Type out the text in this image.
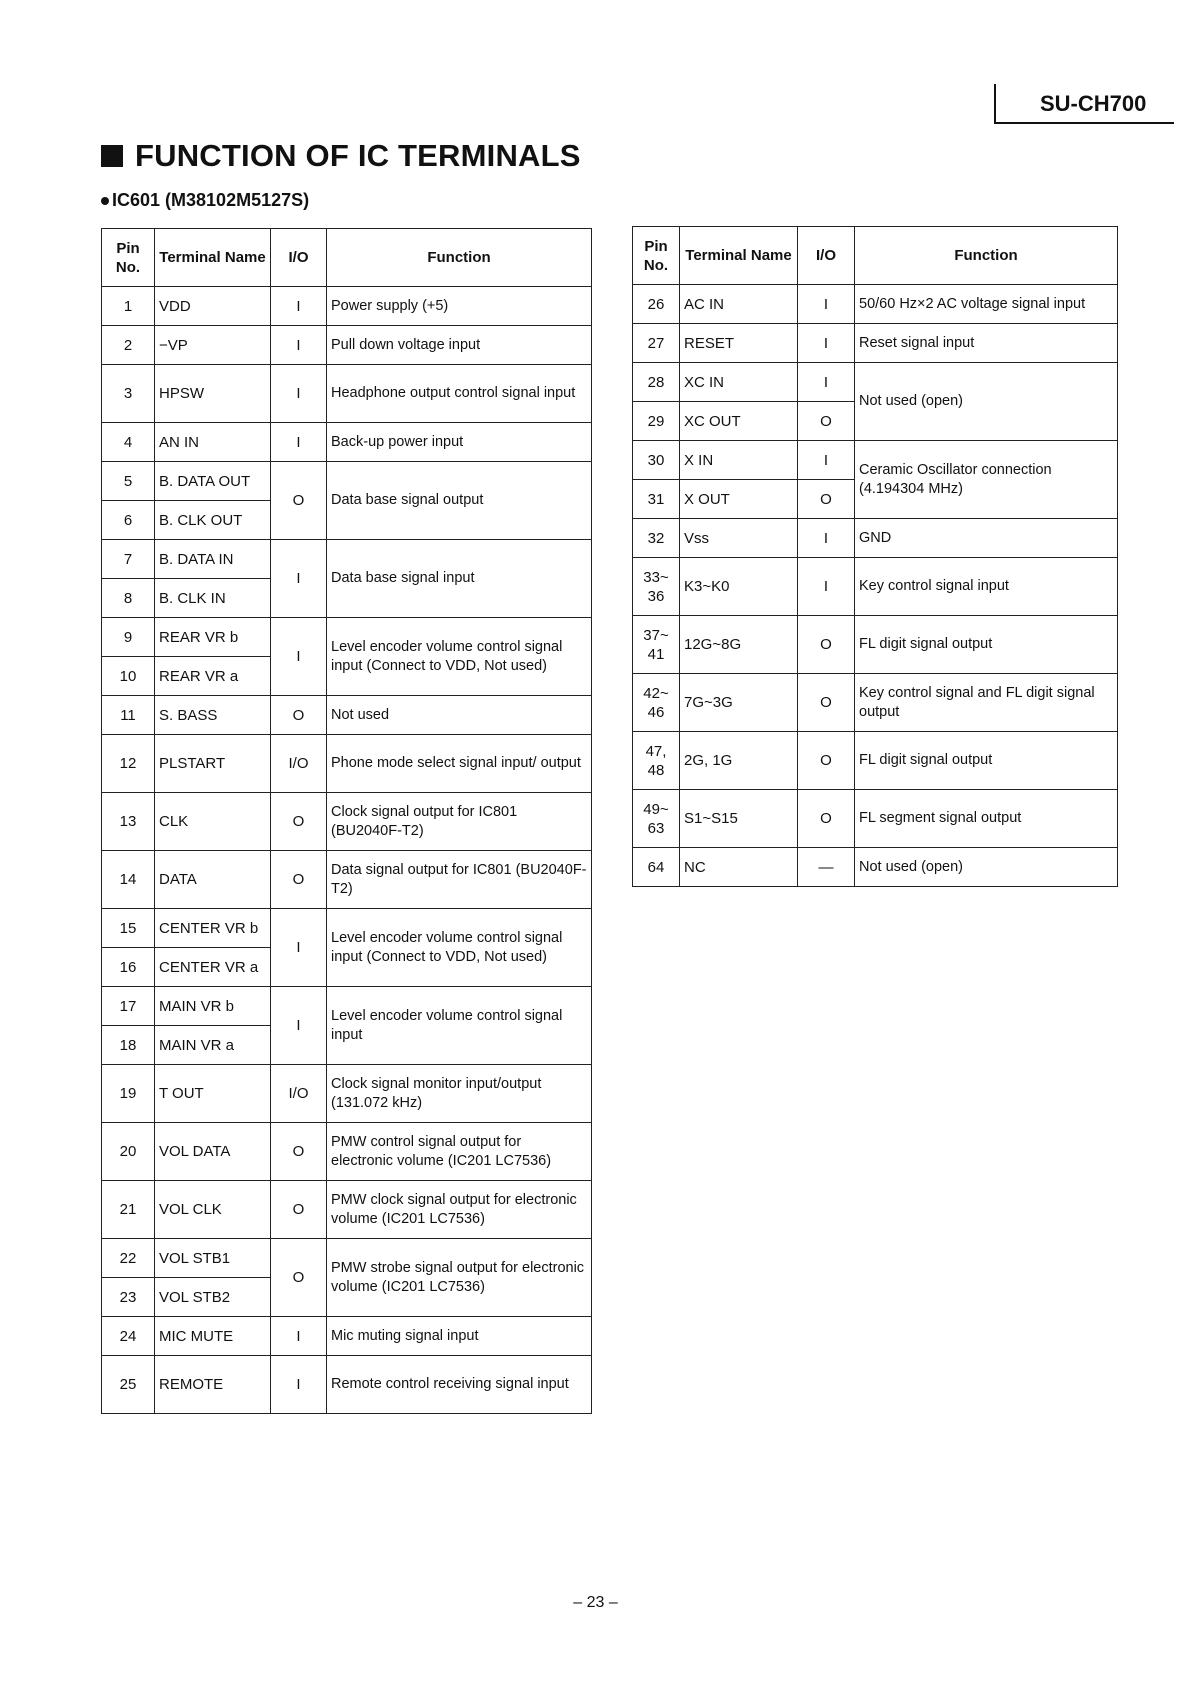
SU-CH700
FUNCTION OF IC TERMINALS
IC601 (M38102M5127S)
Pin No.	Terminal Name	I/O	Function
1	VDD	I	Power supply (+5)
2	−VP	I	Pull down voltage input
3	HPSW	I	Headphone output control signal input
4	AN IN	I	Back-up power input
5	B. DATA OUT	O	Data base signal output
6	B. CLK OUT		
7	B. DATA IN	I	Data base signal input
8	B. CLK IN		
9	REAR VR b	I	Level encoder volume control signal input (Connect to VDD, Not used)
10	REAR VR a		
11	S. BASS	O	Not used
12	PLSTART	I/O	Phone mode select signal input/ output
13	CLK	O	Clock signal output for IC801 (BU2040F-T2)
14	DATA	O	Data signal output for IC801 (BU2040F-T2)
15	CENTER VR b	I	Level encoder volume control signal input (Connect to VDD, Not used)
16	CENTER VR a		
17	MAIN VR b	I	Level encoder volume control signal input
18	MAIN VR a		
19	T OUT	I/O	Clock signal monitor input/output (131.072 kHz)
20	VOL DATA	O	PMW control signal output for electronic volume (IC201 LC7536)
21	VOL CLK	O	PMW clock signal output for electronic volume (IC201 LC7536)
22	VOL STB1	O	PMW strobe signal output for electronic volume (IC201 LC7536)
23	VOL STB2		
24	MIC MUTE	I	Mic muting signal input
25	REMOTE	I	Remote control receiving signal input
Pin No.	Terminal Name	I/O	Function
26	AC IN	I	50/60 Hz×2 AC voltage signal input
27	RESET	I	Reset signal input
28	XC IN	I	Not used (open)
29	XC OUT	O	
30	X IN	I	Ceramic Oscillator connection (4.194304 MHz)
31	X OUT	O	
32	Vss	I	GND
33~ 36	K3~K0	I	Key control signal input
37~ 41	12G~8G	O	FL digit signal output
42~ 46	7G~3G	O	Key control signal and FL digit signal output
47, 48	2G, 1G	O	FL digit signal output
49~ 63	S1~S15	O	FL segment signal output
64	NC	—	Not used (open)

– 23 –
